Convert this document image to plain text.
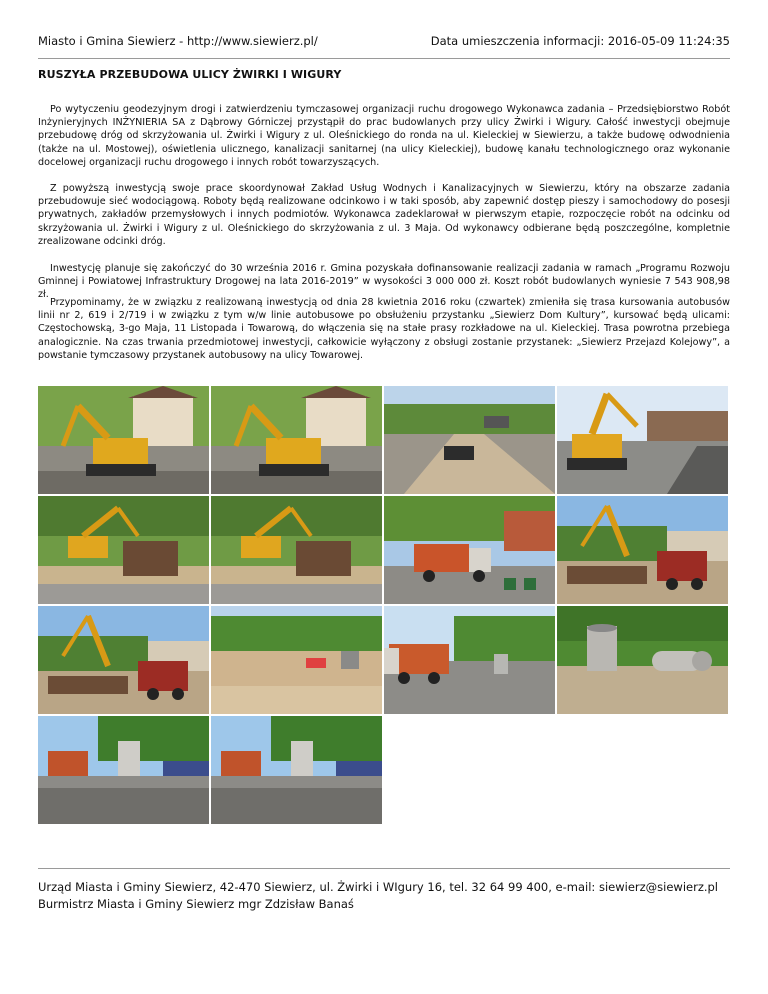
Miasto i Gmina Siewierz - http://www.siewierz.pl/	Data umieszczenia informacji: 2016-05-09 11:24:35
RUSZYŁA PRZEBUDOWA ULICY ŻWIRKI I WIGURY

Po wytyczeniu geodezyjnym drogi i zatwierdzeniu tymczasowej organizacji ruchu drogowego Wykonawca zadania – Przedsiębiorstwo Robót Inżynieryjnych INŻYNIERIA SA z Dąbrowy Górniczej przystąpił do prac budowlanych przy ulicy Żwirki i Wigury. Całość inwestycji obejmuje przebudowę dróg od skrzyżowania ul. Żwirki i Wigury z ul. Oleśnickiego do ronda na ul. Kieleckiej w Siewierzu, a także budowę odwodnienia (także na ul. Mostowej), oświetlenia ulicznego, kanalizacji sanitarnej (na ulicy Kieleckiej), budowę kanału technologicznego oraz wykonanie docelowej organizacji ruchu drogowego i innych robót towarzyszących.

Z powyższą inwestycją swoje prace skoordynował Zakład Usług Wodnych i Kanalizacyjnych w Siewierzu, który na obszarze zadania przebudowuje sieć wodociągową. Roboty będą realizowane odcinkowo i w taki sposób, aby zapewnić dostęp pieszy i samochodowy do posesji prywatnych, zakładów przemysłowych i innych podmiotów. Wykonawca zadeklarował w pierwszym etapie, rozpoczęcie robót na odcinku od skrzyżowania ul. Żwirki i Wigury z ul. Oleśnickiego do skrzyżowania z ul. 3 Maja. Od wykonawcy odbierane będą poszczególne, kompletnie zrealizowane odcinki dróg.

Inwestycję planuje się zakończyć do 30 września 2016 r. Gmina pozyskała dofinansowanie realizacji zadania w ramach „Programu Rozwoju Gminnej i Powiatowej Infrastruktury Drogowej na lata 2016-2019” w wysokości 3 000 000 zł. Koszt robót budowlanych wyniesie 7 543 908,98 zł.

Przypominamy, że w związku z realizowaną inwestycją od dnia 28 kwietnia 2016 roku (czwartek) zmieniła się trasa kursowania autobusów linii nr 2, 619 i 2/719 i w związku z tym w/w linie autobusowe po obsłużeniu przystanku „Siewierz Dom Kultury”, kursować będą ulicami: Częstochowską, 3-go Maja, 11 Listopada i Towarową, do włączenia się na stałe prasy rozkładowe na ul. Kieleckiej. Trasa powrotna przebiega analogicznie. Na czas trwania przedmiotowej inwestycji, całkowicie wyłączony z obsługi zostanie przystanek: „Siewierz Przejazd Kolejowy”, a powstanie tymczasowy przystanek autobusowy na ulicy Towarowej.

Urząd Miasta i Gminy Siewierz, 42-470 Siewierz, ul. Żwirki i WIgury 16, tel. 32 64 99 400, e-mail: siewierz@siewierz.pl
Burmistrz Miasta i Gminy Siewierz mgr Zdzisław Banaś
